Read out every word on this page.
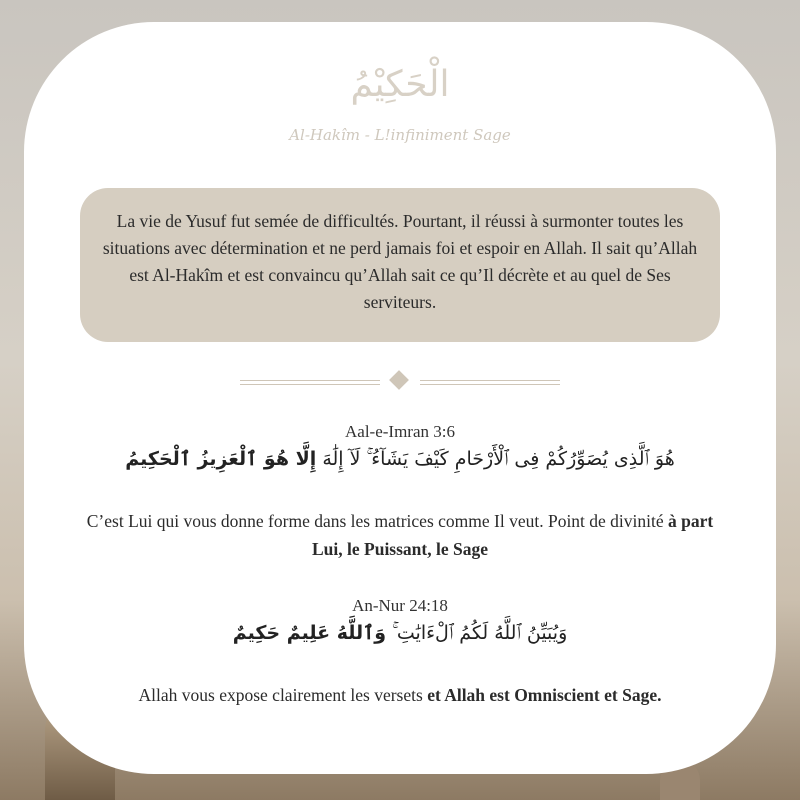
الْحَكِيْمُ
Al-Hakîm - L!infiniment Sage
La vie de Yusuf fut semée de difficultés. Pourtant, il réussi à surmonter toutes les situations avec détermination et ne perd jamais foi et espoir en Allah. Il sait qu’Allah est Al-Hakîm et est convaincu qu’Allah sait ce qu’Il décrète et au quel de Ses serviteurs.
Aal-e-Imran 3:6
هُوَ ٱلَّذِى يُصَوِّرُكُمْ فِى ٱلْأَرْحَامِ كَيْفَ يَشَآءُ ۚ لَآ إِلَٰهَ إِلَّا هُوَ ٱلْعَزِيزُ ٱلْحَكِيمُ
C’est Lui qui vous donne forme dans les matrices comme Il veut. Point de divinité à part Lui, le Puissant, le Sage
An-Nur 24:18
وَيُبَيِّنُ ٱللَّهُ لَكُمُ ٱلْءَايَٰتِ ۚ وَٱللَّهُ عَلِيمٌ حَكِيمٌ
Allah vous expose clairement les versets et Allah est Omniscient et Sage.
